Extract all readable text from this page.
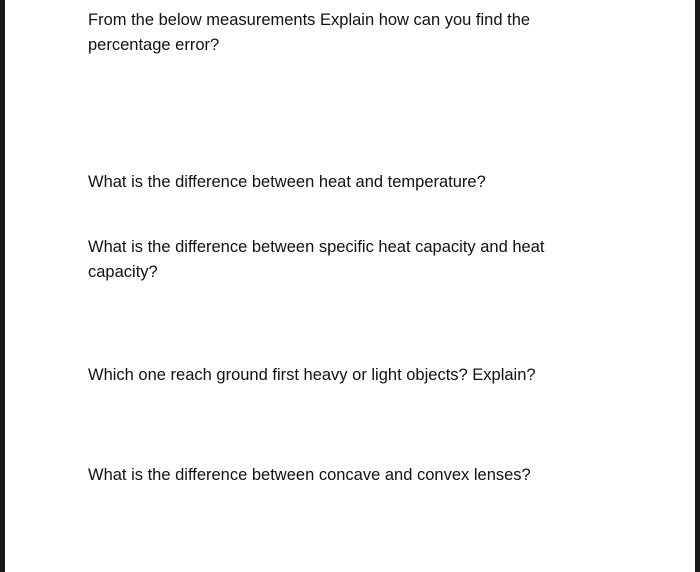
From the below measurements Explain how can you find the
percentage error?

What is the difference between heat and temperature?

What is the difference between specific heat capacity and heat
capacity?

Which one reach ground first heavy or light objects? Explain?

What is the difference between concave and convex lenses?
